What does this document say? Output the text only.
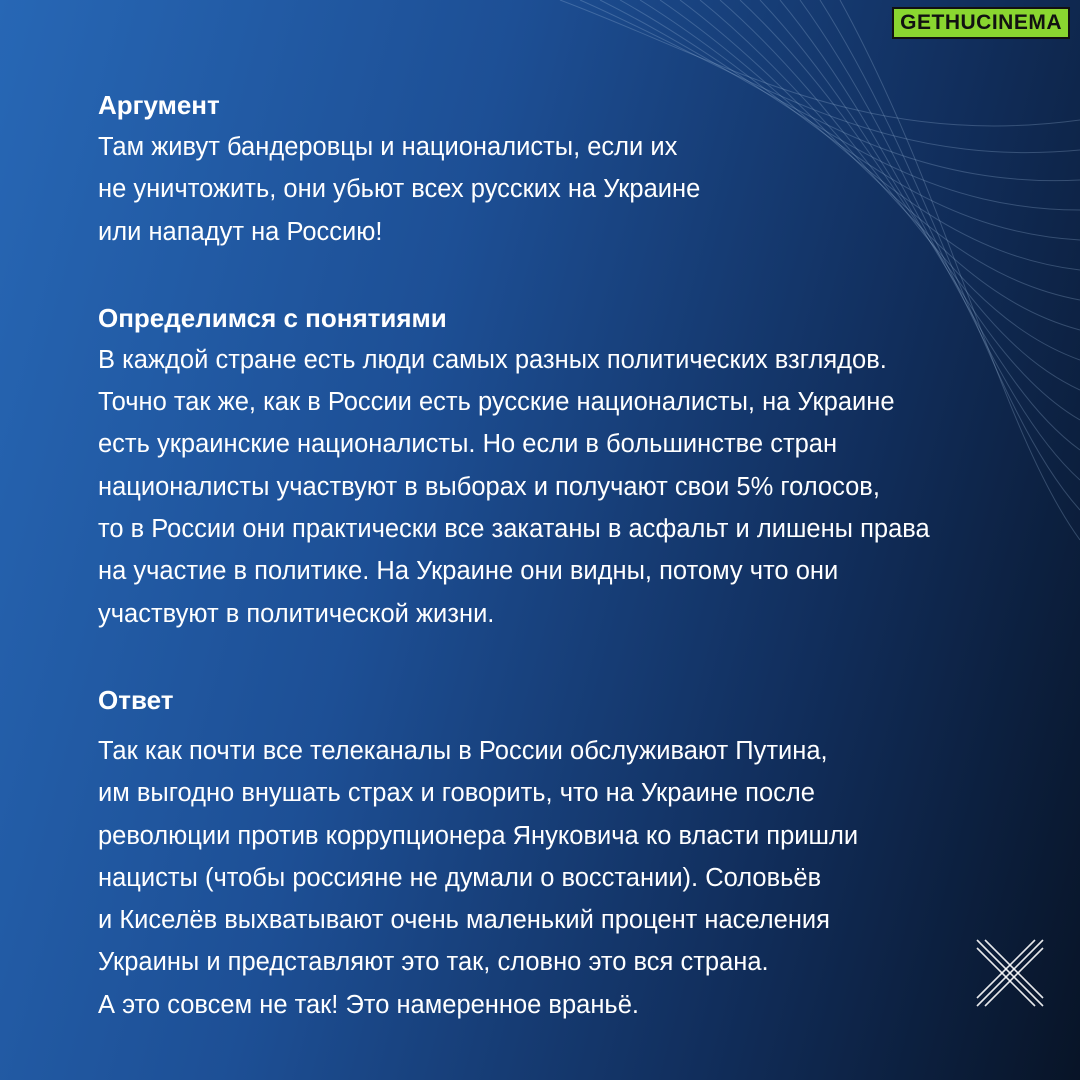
GETHUCINEMA
Аргумент

Там живут бандеровцы и националисты, если их
не уничтожить, они убьют всех русских на Украине
или нападут на Россию!

Определимся с понятиями

В каждой стране есть люди самых разных политических взглядов.
Точно так же, как в России есть русские националисты, на Украине
есть украинские националисты. Но если в большинстве стран
националисты участвуют в выборах и получают свои 5% голосов,
то в России они практически все закатаны в асфальт и лишены права
на участие в политике. На Украине они видны, потому что они
участвуют в политической жизни.

Ответ

Так как почти все телеканалы в России обслуживают Путина,
им выгодно внушать страх и говорить, что на Украине после
революции против коррупционера Януковича ко власти пришли
нацисты (чтобы россияне не думали о восстании). Соловьёв
и Киселёв выхватывают очень маленький процент населения
Украины и представляют это так, словно это вся страна.
А это совсем не так! Это намеренное враньё.
